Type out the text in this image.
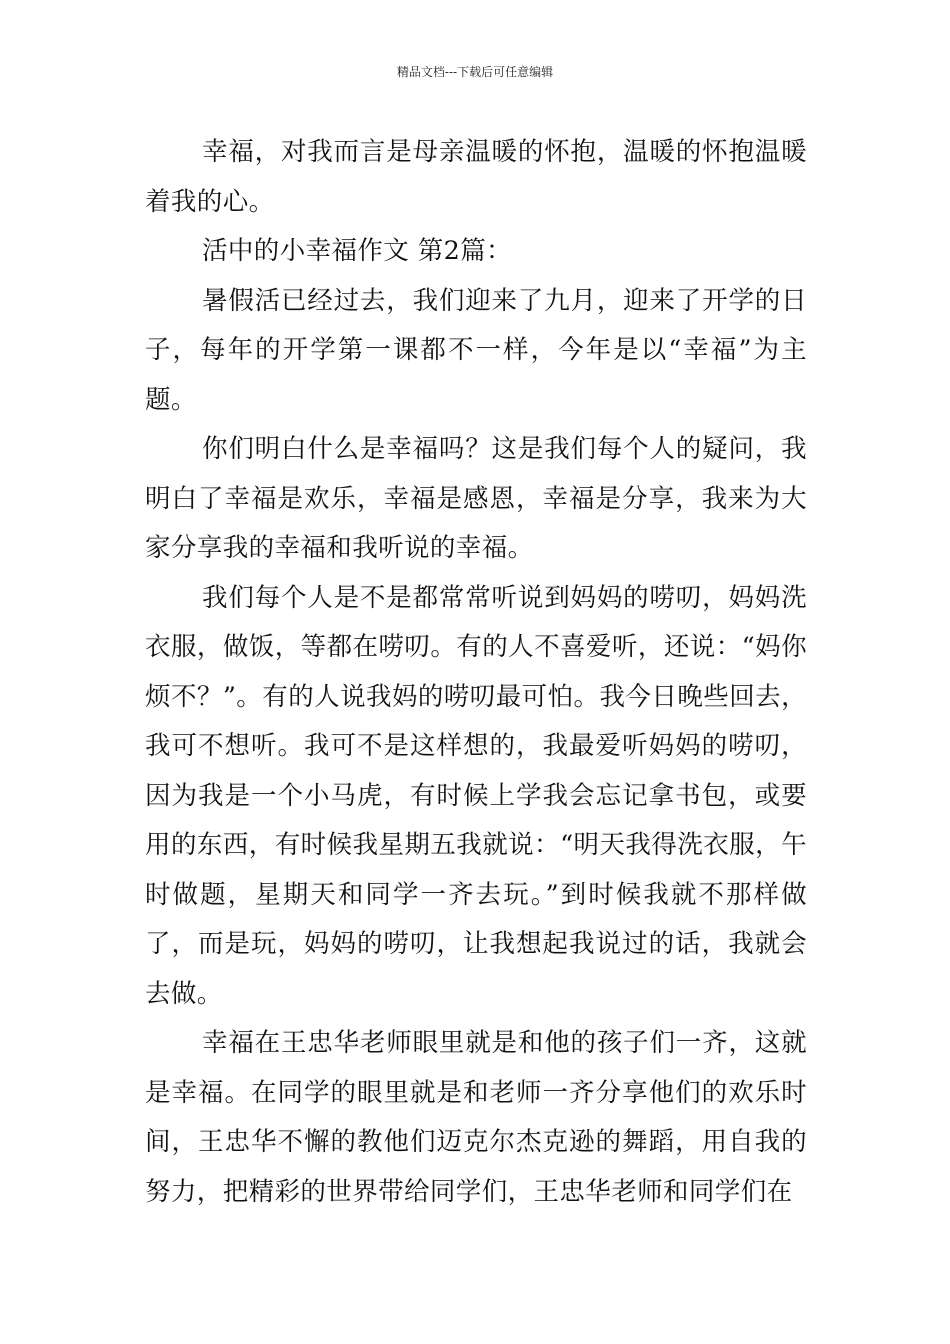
精品文档---下载后可任意编辑

幸福，对我而言是母亲温暖的怀抱，温暖的怀抱温暖着我的心。

活中的小幸福作文 第2篇：

暑假活已经过去，我们迎来了九月，迎来了开学的日子，每年的开学第一课都不一样，今年是以“幸福”为主题。

你们明白什么是幸福吗？这是我们每个人的疑问，我明白了幸福是欢乐，幸福是感恩，幸福是分享，我来为大家分享我的幸福和我听说的幸福。

我们每个人是不是都常常听说到妈妈的唠叨，妈妈洗衣服，做饭，等都在唠叨。有的人不喜爱听，还说：“妈你烦不？”。有的人说我妈的唠叨最可怕。我今日晚些回去，我可不想听。我可不是这样想的，我最爱听妈妈的唠叨，因为我是一个小马虎，有时候上学我会忘记拿书包，或要用的东西，有时候我星期五我就说：“明天我得洗衣服，午时做题，星期天和同学一齐去玩。”到时候我就不那样做了，而是玩，妈妈的唠叨，让我想起我说过的话，我就会去做。

幸福在王忠华老师眼里就是和他的孩子们一齐，这就是幸福。在同学的眼里就是和老师一齐分享他们的欢乐时间，王忠华不懈的教他们迈克尔杰克逊的舞蹈，用自我的努力，把精彩的世界带给同学们，王忠华老师和同学们在
